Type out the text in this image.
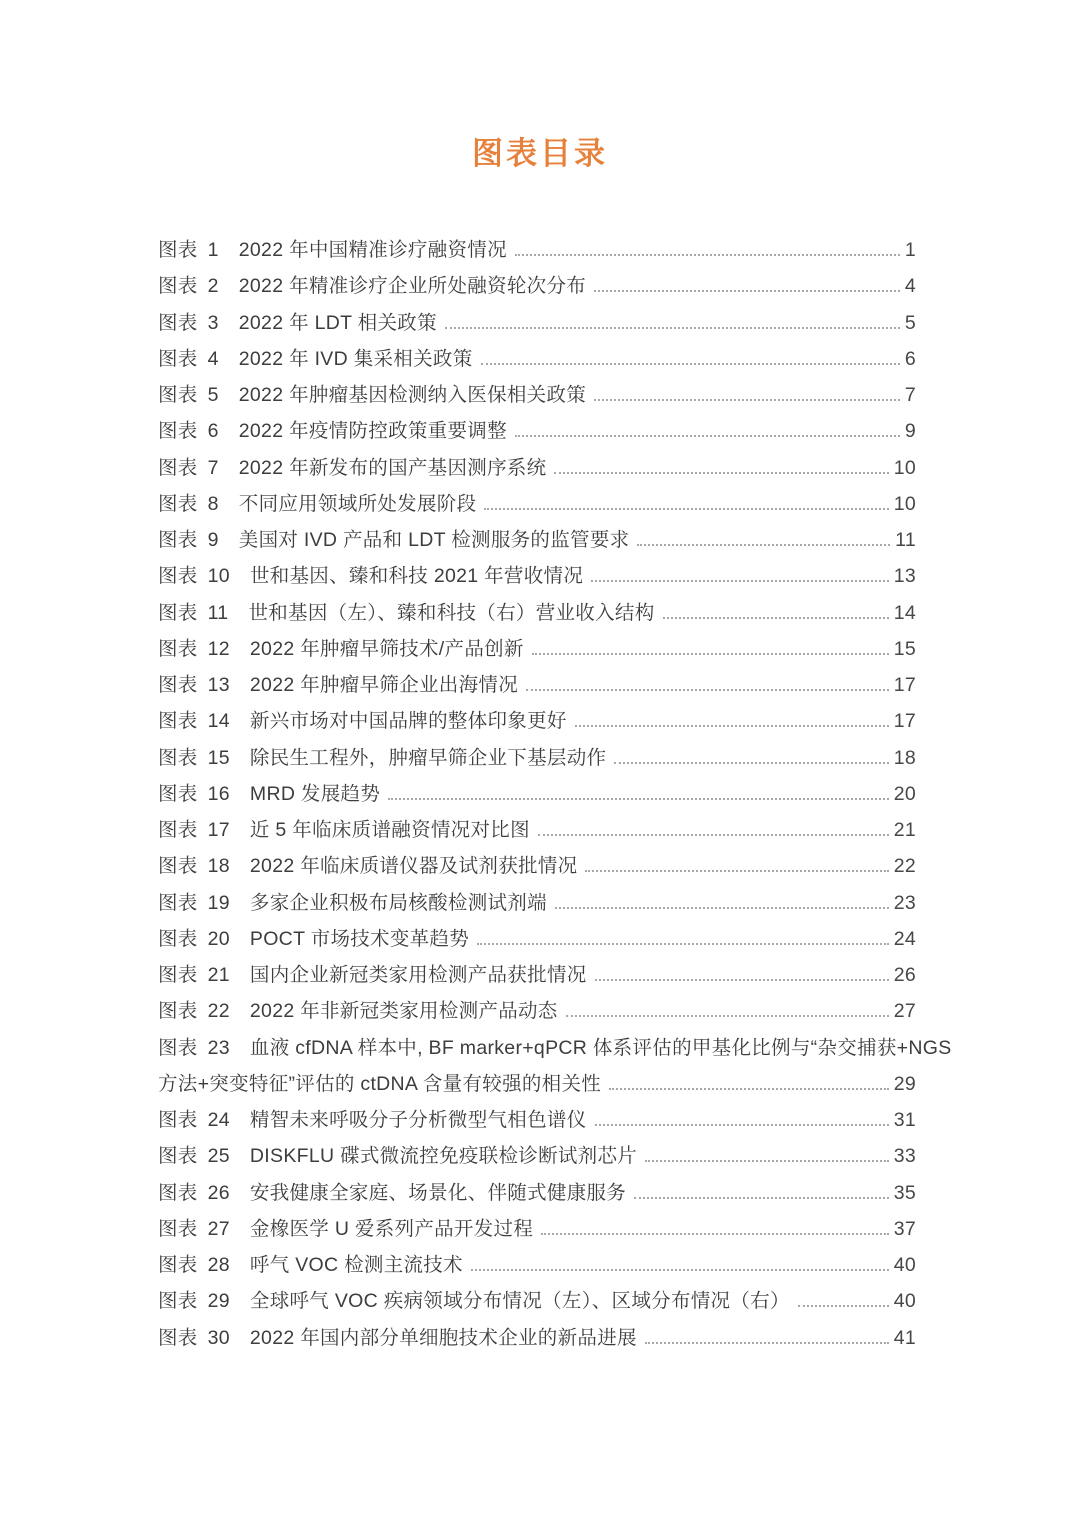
图表目录
图表 1 2022 年中国精准诊疗融资情况	1
图表 2 2022 年精准诊疗企业所处融资轮次分布	4
图表 3 2022 年 LDT 相关政策	5
图表 4 2022 年 IVD 集采相关政策	6
图表 5 2022 年肿瘤基因检测纳入医保相关政策	7
图表 6 2022 年疫情防控政策重要调整	9
图表 7 2022 年新发布的国产基因测序系统	10
图表 8 不同应用领域所处发展阶段	10
图表 9 美国对 IVD 产品和 LDT 检测服务的监管要求	11
图表 10 世和基因、臻和科技 2021 年营收情况	13
图表 11 世和基因（左）、臻和科技（右）营业收入结构	14
图表 12 2022 年肿瘤早筛技术/产品创新	15
图表 13 2022 年肿瘤早筛企业出海情况	17
图表 14 新兴市场对中国品牌的整体印象更好	17
图表 15 除民生工程外，肿瘤早筛企业下基层动作	18
图表 16 MRD 发展趋势	20
图表 17 近 5 年临床质谱融资情况对比图	21
图表 18 2022 年临床质谱仪器及试剂获批情况	22
图表 19 多家企业积极布局核酸检测试剂端	23
图表 20 POCT 市场技术变革趋势	24
图表 21 国内企业新冠类家用检测产品获批情况	26
图表 22 2022 年非新冠类家用检测产品动态	27
图表 23 血液 cfDNA 样本中, BF marker+qPCR 体系评估的甲基化比例与“杂交捕获+NGS
方法+突变特征”评估的 ctDNA 含量有较强的相关性	29
图表 24 精智未来呼吸分子分析微型气相色谱仪	31
图表 25 DISKFLU 碟式微流控免疫联检诊断试剂芯片	33
图表 26 安我健康全家庭、场景化、伴随式健康服务	35
图表 27 金橡医学 U 爱系列产品开发过程	37
图表 28 呼气 VOC 检测主流技术	40
图表 29 全球呼气 VOC 疾病领域分布情况（左）、区域分布情况（右）	40
图表 30 2022 年国内部分单细胞技术企业的新品进展	41
